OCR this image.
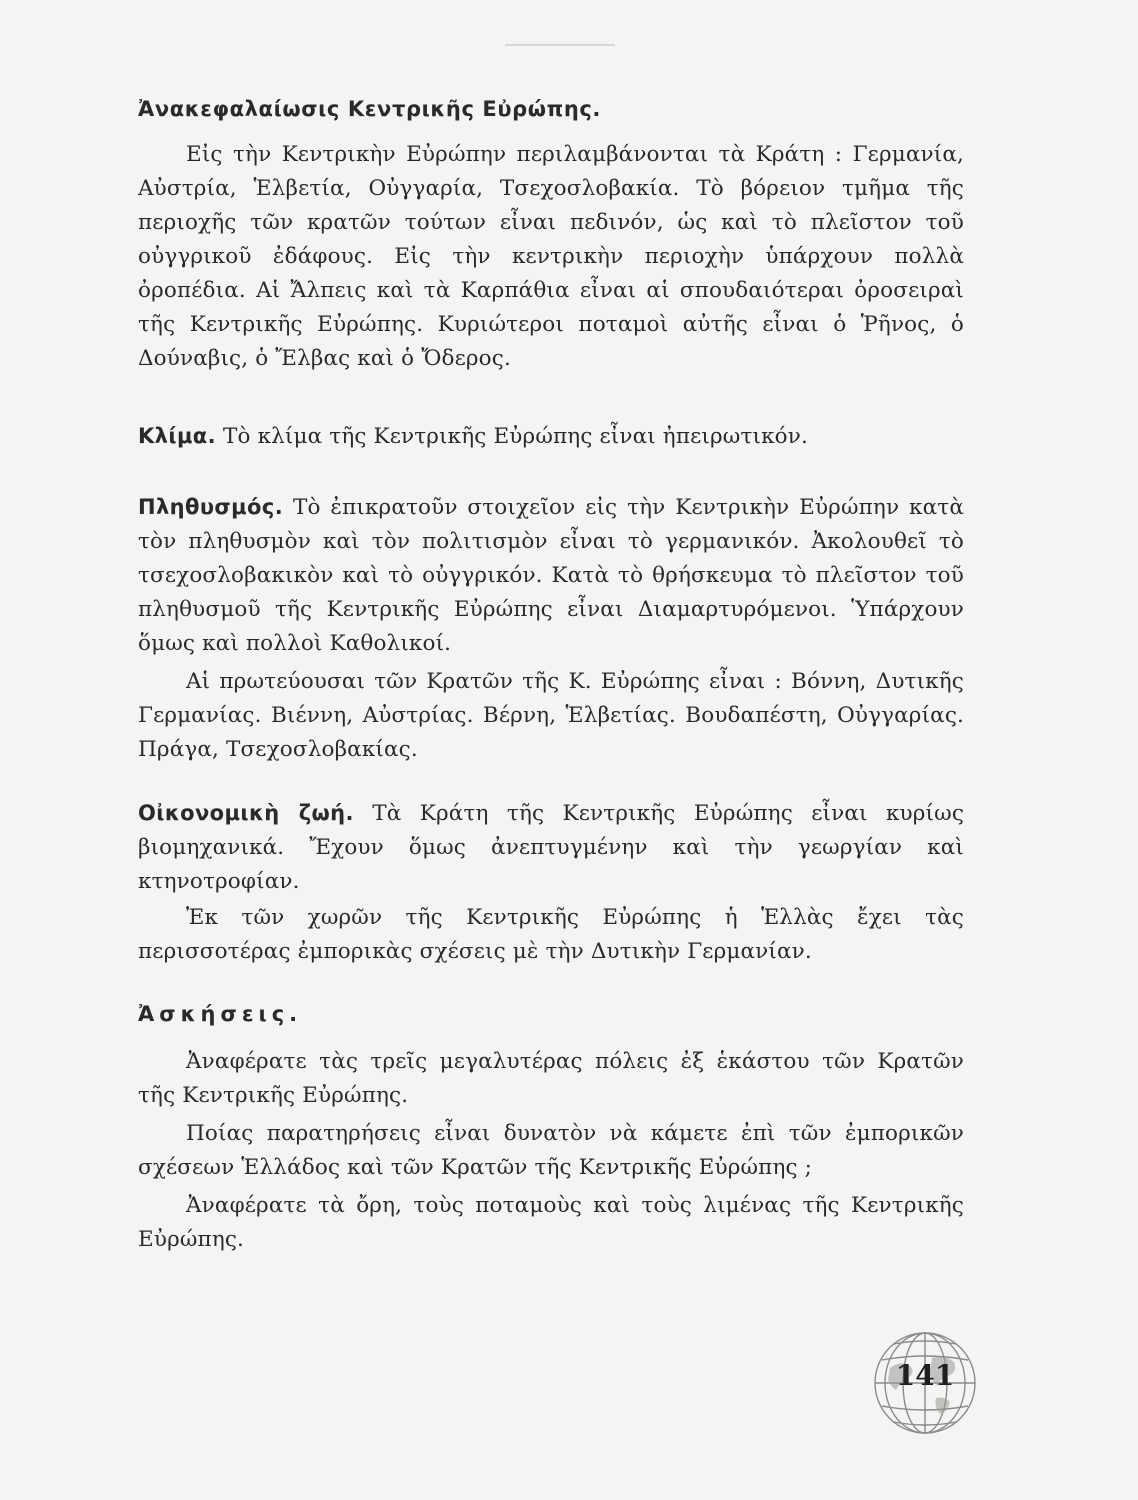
Ἀνακεφαλαίωσις Κεντρικῆς Εὐρώπης.

Εἰς τὴν Κεντρικὴν Εὐρώπην περιλαμβάνονται τὰ Κράτη : Γερμανία, Αὐστρία, Ἑλβετία, Οὐγγαρία, Τσεχοσλοβακία. Τὸ βόρειον τμῆμα τῆς περιοχῆς τῶν κρατῶν τούτων εἶναι πεδινόν, ὡς καὶ τὸ πλεῖστον τοῦ οὐγγρικοῦ ἐδάφους. Εἰς τὴν κεντρικὴν περιοχὴν ὑπάρχουν πολλὰ ὀροπέδια. Αἱ Ἄλπεις καὶ τὰ Καρπάθια εἶναι αἱ σπουδαιότεραι ὀροσειραὶ τῆς Κεντρικῆς Εὐρώπης. Κυριώτεροι ποταμοὶ αὐτῆς εἶναι ὁ Ῥῆνος, ὁ Δούναβις, ὁ Ἔλβας καὶ ὁ Ὄδερος.

Κλίμα. Τὸ κλίμα τῆς Κεντρικῆς Εὐρώπης εἶναι ἠπειρωτικόν.

Πληθυσμός. Τὸ ἐπικρατοῦν στοιχεῖον εἰς τὴν Κεντρικὴν Εὐρώπην κατὰ τὸν πληθυσμὸν καὶ τὸν πολιτισμὸν εἶναι τὸ γερμανικόν. Ἀκολουθεῖ τὸ τσεχοσλοβακικὸν καὶ τὸ οὐγγρικόν. Κατὰ τὸ θρήσκευμα τὸ πλεῖστον τοῦ πληθυσμοῦ τῆς Κεντρικῆς Εὐρώπης εἶναι Διαμαρτυρόμενοι. Ὑπάρχουν ὅμως καὶ πολλοὶ Καθολικοί.

Αἱ πρωτεύουσαι τῶν Κρατῶν τῆς Κ. Εὐρώπης εἶναι : Βόννη, Δυτικῆς Γερμανίας. Βιέννη, Αὐστρίας. Βέρνη, Ἑλβετίας. Βουδαπέστη, Οὐγγαρίας. Πράγα, Τσεχοσλοβακίας.

Οἰκονομικὴ ζωή. Τὰ Κράτη τῆς Κεντρικῆς Εὐρώπης εἶναι κυρίως βιομηχανικά. Ἔχουν ὅμως ἀνεπτυγμένην καὶ τὴν γεωργίαν καὶ κτηνοτροφίαν.

Ἐκ τῶν χωρῶν τῆς Κεντρικῆς Εὐρώπης ἡ Ἑλλὰς ἔχει τὰς περισσοτέρας ἐμπορικὰς σχέσεις μὲ τὴν Δυτικὴν Γερμανίαν.

Ἀσκήσεις.

Ἀναφέρατε τὰς τρεῖς μεγαλυτέρας πόλεις ἐξ ἑκάστου τῶν Κρατῶν τῆς Κεντρικῆς Εὐρώπης.

Ποίας παρατηρήσεις εἶναι δυνατὸν νὰ κάμετε ἐπὶ τῶν ἐμπορικῶν σχέσεων Ἑλλάδος καὶ τῶν Κρατῶν τῆς Κεντρικῆς Εὐρώπης ;

Ἀναφέρατε τὰ ὄρη, τοὺς ποταμοὺς καὶ τοὺς λιμένας τῆς Κεντρικῆς Εὐρώπης.

141
